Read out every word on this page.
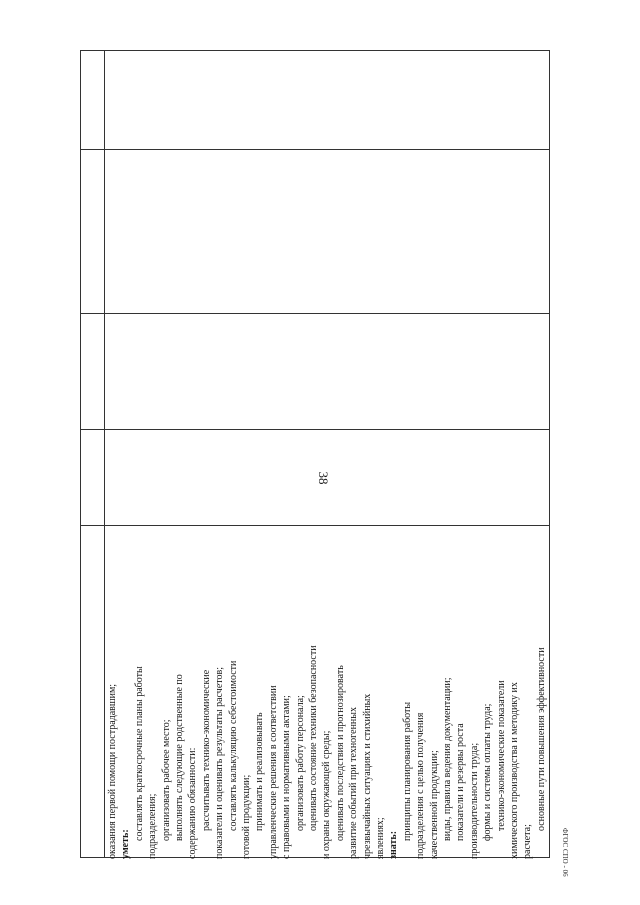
38
оказания первой помощи пострадавшим; уметь:
составлять краткосрочные планы работы подразделения; организовать рабочее место; выполнять следующие родственные по содержанию обязанности: рассчитывать технико-экономические показатели и оценивать результаты расчетов; составлять калькуляцию себестоимости готовой продукции; принимать и реализовывать управленческие решения в соответствии с правовыми и нормативными актами; организовать работу персонала; оценивать состояние техники безопасности и охраны окружающей среды; оценивать последствия и прогнозировать развитие событий при техногенных чрезвычайных ситуациях и стихийных явлениях; знать:
принципы планирования работы подразделения с целью получения качественной продукции; виды, правила ведения документации; показатели и резервы роста производительности труда; формы и системы оплаты труда; технико-экономические показатели химического производства и методику их расчета;
основные пути повышения эффективности
ФГОС СПО - 06
